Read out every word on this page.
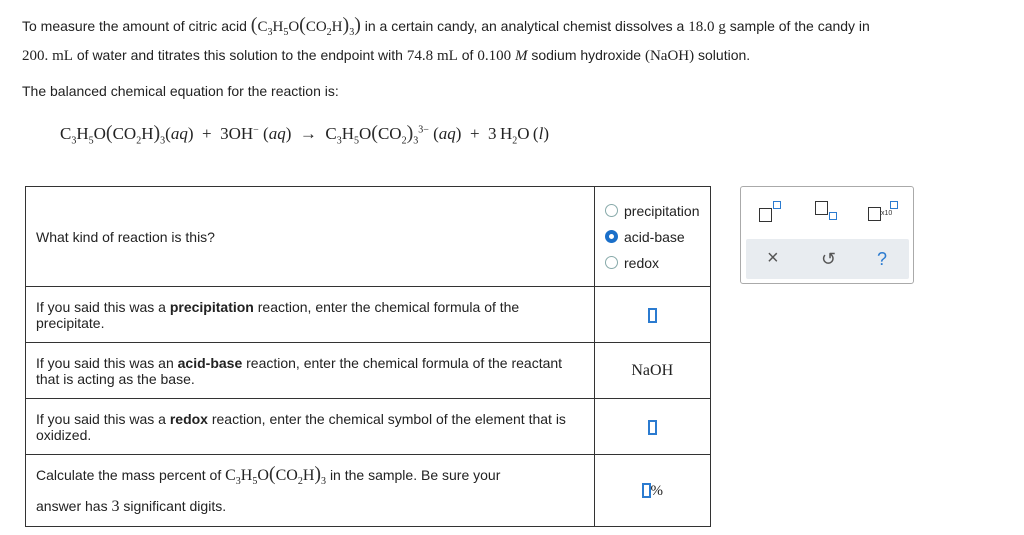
To measure the amount of citric acid $(C_3H_5O(CO_2H)_3)$ in a certain candy, an analytical chemist dissolves a 18.0 g sample of the candy in
200. mL of water and titrates this solution to the endpoint with 74.8 mL of 0.100 M sodium hydroxide (NaOH) solution.
The balanced chemical equation for the reaction is:
$C_3H_5O(CO_2H)_3(aq) + 3OH^-$ $(aq) \to C_3H_5O(CO_2)_3^{3-}$ (aq)  +  3 $H_2O$ (l)
What kind of reaction is this?	precipitation
acid-base
redox

If you said this was a precipitation reaction, enter the chemical formula of the precipitate.	
If you said this was an acid-base reaction, enter the chemical formula of the reactant that is acting as the base.	NaOH
If you said this was a redox reaction, enter the chemical symbol of the element that is oxidized.	
Calculate the mass percent of $C_3H_5O(CO_2H)_3$ in the sample. Be sure your
answer has 3 significant digits.	%
x10
× ↺ ?
